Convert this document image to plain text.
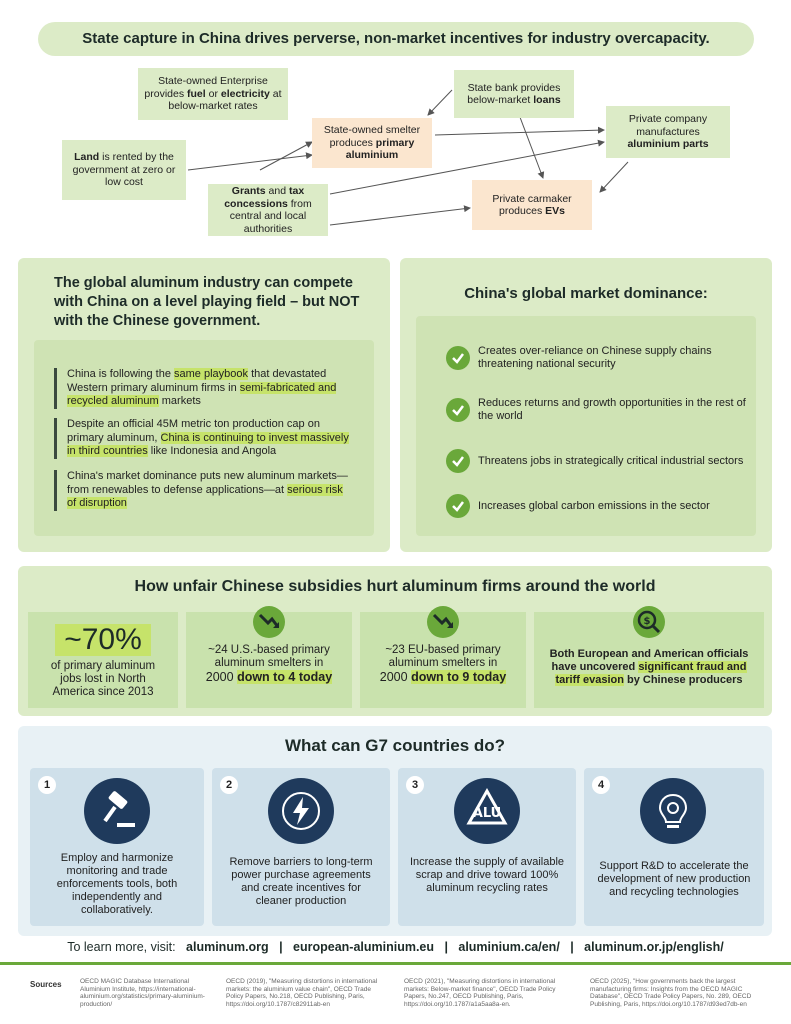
State capture in China drives perverse, non-market incentives for industry overcapacity.
State-owned Enterprise provides fuel or electricity at below-market rates
State bank provides below-market loans
Land is rented by the government at zero or low cost
State-owned smelter produces primary aluminium
Private company manufactures aluminium parts
Grants and tax concessions from central and local authorities
Private carmaker produces EVs
The global aluminum industry can compete with China on a level playing field – but NOT with the Chinese government.
China is following the same playbook that devastated Western primary aluminum firms in semi-fabricated and recycled aluminum markets
Despite an official 45M metric ton production cap on primary aluminum, China is continuing to invest massively in third countries like Indonesia and Angola
China's market dominance puts new aluminum markets—from renewables to defense applications—at serious risk of disruption
China's global market dominance:
Creates over-reliance on Chinese supply chains threatening national security
Reduces returns and growth opportunities in the rest of the world
Threatens jobs in strategically critical industrial sectors
Increases global carbon emissions in the sector
How unfair Chinese subsidies hurt aluminum firms around the world
~70%
of primary aluminum jobs lost in North America since 2013
~24 U.S.-based primary aluminum smelters in
2000 down to 4 today
~23 EU-based primary aluminum smelters in
2000 down to 9 today
$
Both European and American officials have uncovered significant fraud and tariff evasion by Chinese producers
What can G7 countries do?
1
Employ and harmonize monitoring and trade enforcements tools, both independently and collaboratively.
2
Remove barriers to long-term power purchase agreements and create incentives for cleaner production
3
ALU
Increase the supply of available scrap and drive toward 100% aluminum recycling rates
4
Support R&D to accelerate the development of new production and recycling technologies
To learn more, visit: aluminum.org | european-aluminium.eu | aluminium.ca/en/ | aluminum.or.jp/english/
Sources	OECD MAGIC Database International Aluminium Institute, https://international-aluminium.org/statistics/primary-aluminium-production/
OECD (2019), "Measuring distortions in international markets: the aluminium value chain", OECD Trade Policy Papers, No.218, OECD Publishing, Paris, https://doi.org/10.1787/c82911ab-en
OECD (2021), "Measuring distortions in international markets: Below-market finance", OECD Trade Policy Papers, No.247, OECD Publishing, Paris, https://doi.org/10.1787/a1a5aa8a-en.
OECD (2025), "How governments back the largest manufacturing firms: Insights from the OECD MAGIC Database", OECD Trade Policy Papers, No. 289, OECD Publishing, Paris, https://doi.org/10.1787/d93ed7db-en
